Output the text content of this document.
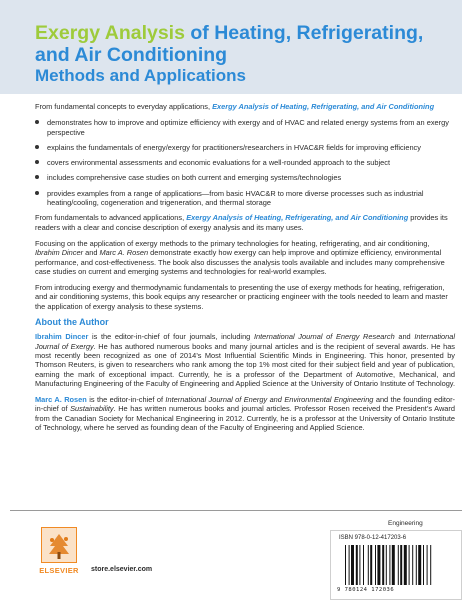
Exergy Analysis of Heating, Refrigerating, and Air Conditioning
Methods and Applications

From fundamental concepts to everyday applications, Exergy Analysis of Heating, Refrigerating, and Air Conditioning

demonstrates how to improve and optimize efficiency with exergy and of HVAC and related energy systems from an exergy perspective
explains the fundamentals of energy/exergy for practitioners/researchers in HVAC&R fields for improving efficiency
covers environmental assessments and economic evaluations for a well-rounded approach to the subject
includes comprehensive case studies on both current and emerging systems/technologies
provides examples from a range of applications—from basic HVAC&R to more diverse processes such as industrial heating/cooling, cogeneration and trigeneration, and thermal storage

From fundamentals to advanced applications, Exergy Analysis of Heating, Refrigerating, and Air Conditioning provides its readers with a clear and concise description of exergy analysis and its many uses.

Focusing on the application of exergy methods to the primary technologies for heating, refrigerating, and air conditioning, Ibrahim Dincer and Marc A. Rosen demonstrate exactly how exergy can help improve and optimize efficiency, environmental performance, and cost-effectiveness. The book also discusses the analysis tools available and includes many comprehensive case studies on current and emerging systems and technologies for real-world examples.

From introducing exergy and thermodynamic fundamentals to presenting the use of exergy methods for heating, refrigeration, and air conditioning systems, this book equips any researcher or practicing engineer with the tools needed to learn and master the application of exergy analysis to these systems.

About the Author

Ibrahim Dincer is the editor-in-chief of four journals, including International Journal of Energy Research and International Journal of Exergy. He has authored numerous books and many journal articles and is the recipient of several awards. He has most recently been recognized as one of 2014’s Most Influential Scientific Minds in Engineering. This honor, presented by Thomson Reuters, is given to researchers who rank among the top 1% most cited for their subject field and year of publication, earning the mark of exceptional impact. Currently, he is a professor of the Department of Automotive, Mechanical, and Manufacturing Engineering of the Faculty of Engineering and Applied Science at the University of Ontario Institute of Technology.

Marc A. Rosen is the editor-in-chief of International Journal of Energy and Environmental Engineering and the founding editor-in-chief of Sustainability. He has written numerous books and journal articles. Professor Rosen received the President’s Award from the Canadian Society for Mechanical Engineering in 2012. Currently, he is a professor at the University of Ontario Institute of Technology, where he served as founding dean of the Faculty of Engineering and Applied Science.

ELSEVIER	store.elsevier.com
Engineering
ISBN 978-0-12-417203-6
9 780124 172036
